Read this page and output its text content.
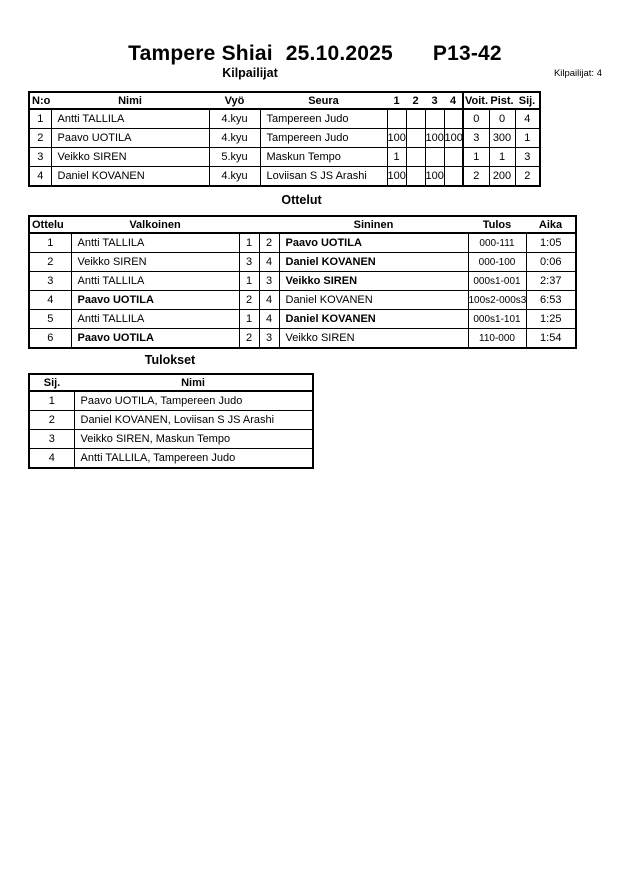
Tampere Shiai 25.10.2025 P13-42
Kilpailijat	Kilpailijat: 4
N:o	Nimi	Vyö	Seura	1	2	3	4	Voit.	Pist.	Sij.
1	Antti TALLILA	4.kyu	Tampereen Judo					0	0	4
2	Paavo UOTILA	4.kyu	Tampereen Judo	100		100	100	3	300	1
3	Veikko SIREN	5.kyu	Maskun Tempo	1				1	1	3
4	Daniel KOVANEN	4.kyu	Loviisan S JS Arashi	100		100		2	200	2
Ottelut
Ottelu	Valkoinen			Sininen	Tulos	Aika
1	Antti TALLILA	1	2	Paavo UOTILA	000-111	1:05
2	Veikko SIREN	3	4	Daniel KOVANEN	000-100	0:06
3	Antti TALLILA	1	3	Veikko SIREN	000s1-001	2:37
4	Paavo UOTILA	2	4	Daniel KOVANEN	100s2-000s3	6:53
5	Antti TALLILA	1	4	Daniel KOVANEN	000s1-101	1:25
6	Paavo UOTILA	2	3	Veikko SIREN	110-000	1:54
Tulokset
Sij.	Nimi
1	Paavo UOTILA, Tampereen Judo
2	Daniel KOVANEN, Loviisan S JS Arashi
3	Veikko SIREN, Maskun Tempo
4	Antti TALLILA, Tampereen Judo
